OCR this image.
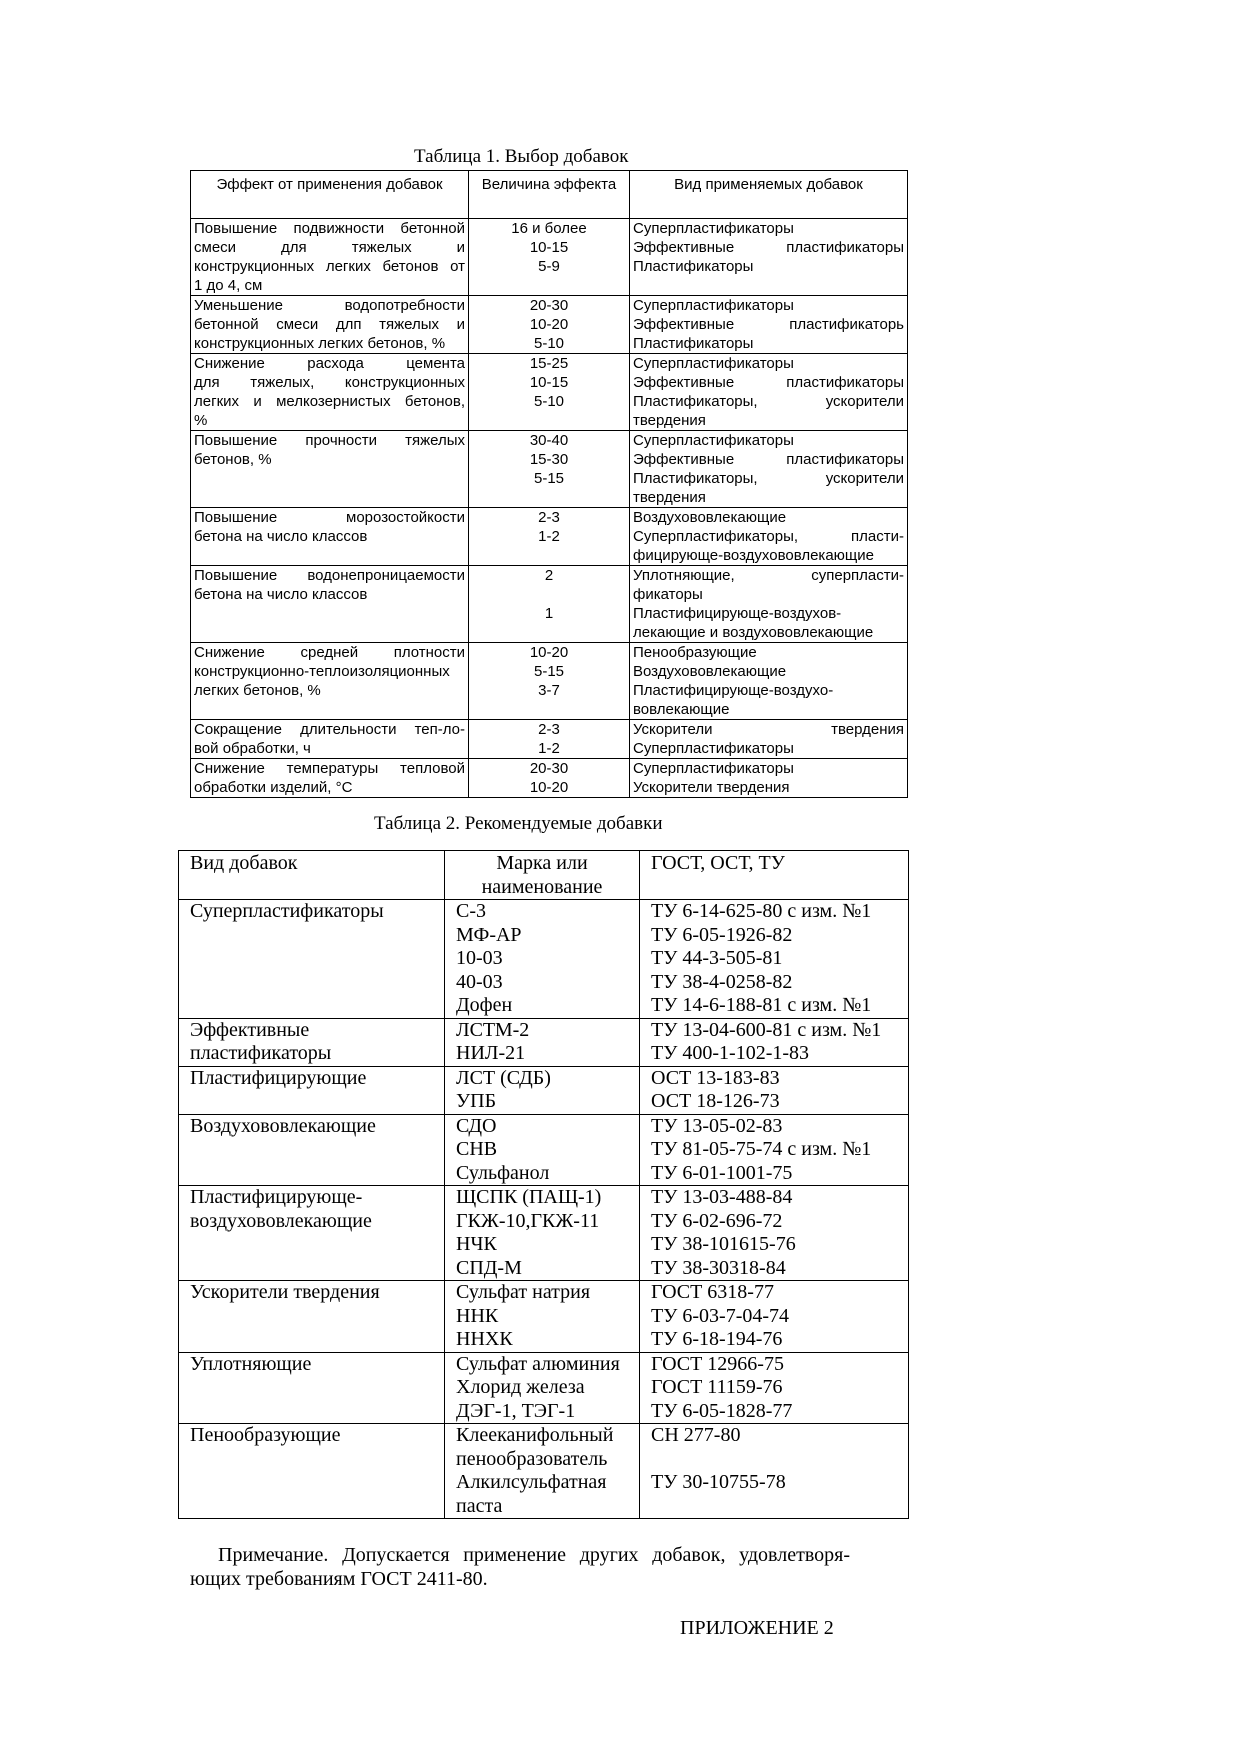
Таблица 1. Выбор добавок
Эффект от применения добавок	Величина эффекта	Вид применяемых добавок

Повышение подвижности бетонной
смеси для тяжелых и
конструкционных легких бетонов от
1 до 4, см	16 и более
10-15
5-9	Суперпластификаторы
Эффективные пластификаторы
Пластификаторы

Уменьшение водопотребности
бетонной смеси длп тяжелых и
конструкционных легких бетонов, %	20-30
10-20
5-10	Суперпластификаторы
Эффективные пластификаторь
Пластификаторы

Снижение расхода цемента
для тяжелых, конструкционных
легких и мелкозернистых бетонов,
%	15-25
10-15
5-10	Суперпластификаторы
Эффективные пластификаторы
Пластификаторы, ускорители
твердения

Повышение прочности тяжелых
бетонов, %	30-40
15-30
5-15	Суперпластификаторы
Эффективные пластификаторы
Пластификаторы, ускорители
твердения

Повышение морозостойкости
бетона на число классов	2-3
1-2	Воздухововлекающие
Суперпластификаторы, пласти-
фицирующе-воздухововлекающие

Повышение водонепроницаемости
бетона на число классов	2
1	Уплотняющие, суперпласти-
фикаторы
Пластифицирующе-воздухов-
лекающие и воздухововлекающие

Снижение средней плотности
конструкционно-теплоизоляционных
легких бетонов, %	10-20
5-15
3-7	Пенообразующие
Воздухововлекающие
Пластифицирующе-воздухо-
вовлекающие

Сокращение длительности теп-ло-
вой обработки, ч	2-3
1-2	Ускорители твердения
Суперпластификаторы

Снижение температуры тепловой
обработки изделий, °С	20-30
10-20	Суперпластификаторы
Ускорители твердения
Таблица 2. Рекомендуемые добавки
Вид добавок	Марка или наименование	ГОСТ, ОСТ, ТУ

Суперпластификаторы	С-3
МФ-АР
10-03
40-03
Дофен	ТУ 6-14-625-80 с изм. №1
ТУ 6-05-1926-82
ТУ 44-3-505-81
ТУ 38-4-0258-82
ТУ 14-6-188-81 с изм. №1

Эффективные
пластификаторы	ЛСТМ-2
НИЛ-21	ТУ 13-04-600-81 с изм. №1
ТУ 400-1-102-1-83

Пластифицирующие	ЛСТ (СДБ)
УПБ	ОСТ 13-183-83
ОСТ 18-126-73

Воздухововлекающие	СДО
СНВ
Сульфанол	ТУ 13-05-02-83
ТУ 81-05-75-74 с изм. №1
ТУ 6-01-1001-75

Пластифицирующе-
воздухововлекающие	ЩСПК (ПАЩ-1)
ГКЖ-10,ГКЖ-11
НЧК
СПД-М	ТУ 13-03-488-84
ТУ 6-02-696-72
ТУ 38-101615-76
ТУ 38-30318-84

Ускорители твердения	Сульфат натрия
ННК
ННХК	ГОСТ 6318-77
ТУ 6-03-7-04-74
ТУ 6-18-194-76

Уплотняющие	Сульфат алюминия
Хлорид железа
ДЭГ-1, ТЭГ-1	ГОСТ 12966-75
ГОСТ 11159-76
ТУ 6-05-1828-77

Пенообразующие	Клееканифольный
пенообразователь
Алкилсульфатная
паста	СН 277-80
ТУ 30-10755-78
Примечание. Допускается применение других добавок, удовлетворя-
ющих требованиям ГОСТ 2411-80.
ПРИЛОЖЕНИЕ 2
